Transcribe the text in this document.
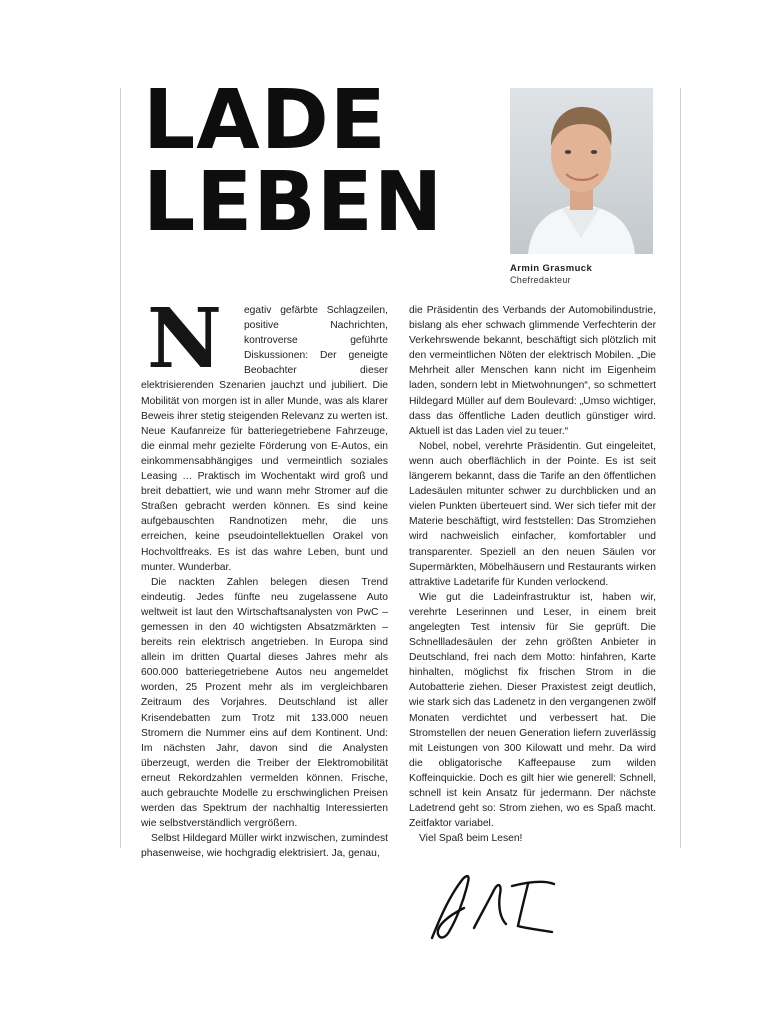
LADE
LEBEN
Armin Grasmuck
Chefredakteur

N egativ gefärbte Schlagzeilen, positive Nachrichten, kontroverse geführte Diskussionen: Der geneigte Beobachter dieser elektrisierenden Szenarien jauchzt und jubiliert. Die Mobilität von morgen ist in aller Munde, was als klarer Beweis ihrer stetig steigenden Relevanz zu werten ist. Neue Kaufanreize für batteriegetriebene Fahrzeuge, die einmal mehr gezielte Förderung von E-Autos, ein einkommensabhängiges und vermeintlich soziales Leasing … Praktisch im Wochentakt wird groß und breit debattiert, wie und wann mehr Stromer auf die Straßen gebracht werden können. Es sind keine aufgebauschten Randnotizen mehr, die uns erreichen, keine pseudointellektuellen Orakel von Hochvoltfreaks. Es ist das wahre Leben, bunt und munter. Wunderbar.

Die nackten Zahlen belegen diesen Trend eindeutig. Jedes fünfte neu zugelassene Auto weltweit ist laut den Wirtschaftsanalysten von PwC – gemessen in den 40 wichtigsten Absatzmärkten – bereits rein elektrisch angetrieben. In Europa sind allein im dritten Quartal dieses Jahres mehr als 600.000 batteriegetriebene Autos neu angemeldet worden, 25 Prozent mehr als im vergleichbaren Zeitraum des Vorjahres. Deutschland ist aller Krisendebatten zum Trotz mit 133.000 neuen Stromern die Nummer eins auf dem Kontinent. Und: Im nächsten Jahr, davon sind die Analysten überzeugt, werden die Treiber der Elektromobilität erneut Rekordzahlen vermelden können. Frische, auch gebrauchte Modelle zu erschwinglichen Preisen werden das Spektrum der nachhaltig Interessierten wie selbstverständlich vergrößern.

Selbst Hildegard Müller wirkt inzwischen, zumindest phasenweise, wie hochgradig elektrisiert. Ja, genau,

die Präsidentin des Verbands der Automobilindustrie, bislang als eher schwach glimmende Verfechterin der Verkehrswende bekannt, beschäftigt sich plötzlich mit den vermeintlichen Nöten der elektrisch Mobilen. „Die Mehrheit aller Menschen kann nicht im Eigenheim laden, sondern lebt in Mietwohnungen“, so schmettert Hildegard Müller auf dem Boulevard: „Umso wichtiger, dass das öffentliche Laden deutlich günstiger wird. Aktuell ist das Laden viel zu teuer.“

Nobel, nobel, verehrte Präsidentin. Gut eingeleitet, wenn auch oberflächlich in der Pointe. Es ist seit längerem bekannt, dass die Tarife an den öffentlichen Ladesäulen mitunter schwer zu durchblicken und an vielen Punkten überteuert sind. Wer sich tiefer mit der Materie beschäftigt, wird feststellen: Das Stromziehen wird nachweislich einfacher, komfortabler und transparenter. Speziell an den neuen Säulen vor Supermärkten, Möbelhäusern und Restaurants wirken attraktive Ladetarife für Kunden verlockend.

Wie gut die Ladeinfrastruktur ist, haben wir, verehrte Leserinnen und Leser, in einem breit angelegten Test intensiv für Sie geprüft. Die Schnellladesäulen der zehn größten Anbieter in Deutschland, frei nach dem Motto: hinfahren, Karte hinhalten, möglichst fix frischen Strom in die Autobatterie ziehen. Dieser Praxistest zeigt deutlich, wie stark sich das Ladenetz in den vergangenen zwölf Monaten verdichtet und verbessert hat. Die Stromstellen der neuen Generation liefern zuverlässig mit Leistungen von 300 Kilowatt und mehr. Da wird die obligatorische Kaffeepause zum wilden Koffeinquickie. Doch es gilt hier wie generell: Schnell, schnell ist kein Ansatz für jedermann. Der nächste Ladetrend geht so: Strom ziehen, wo es Spaß macht. Zeitfaktor variabel.

Viel Spaß beim Lesen!
